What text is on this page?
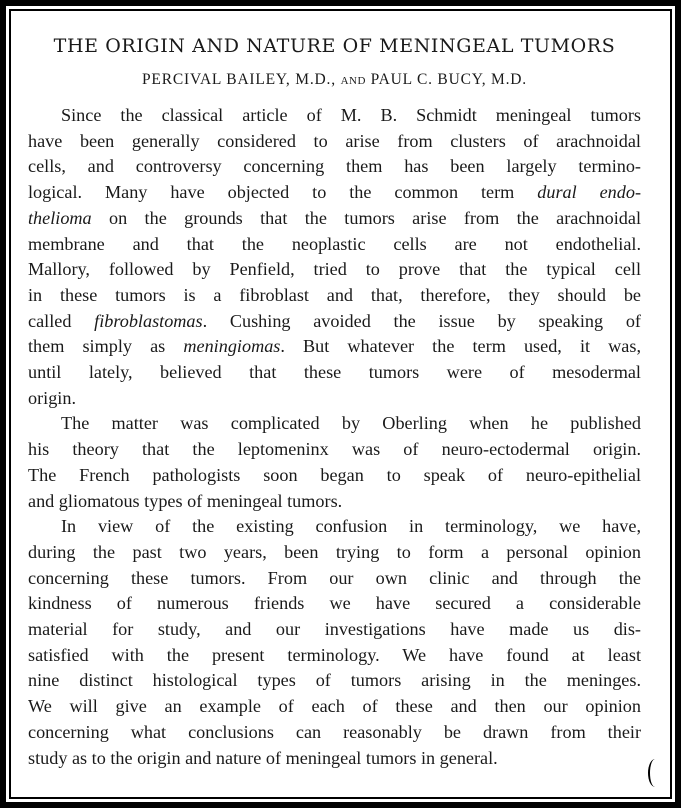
THE ORIGIN AND NATURE OF MENINGEAL TUMORS
PERCIVAL BAILEY, M.D., AND PAUL C. BUCY, M.D.

Since the classical article of M. B. Schmidt meningeal tumors
have been generally considered to arise from clusters of arachnoidal
cells, and controversy concerning them has been largely termino-
logical. Many have objected to the common term dural endo-
thelioma on the grounds that the tumors arise from the arachnoidal
membrane and that the neoplastic cells are not endothelial.
Mallory, followed by Penfield, tried to prove that the typical cell
in these tumors is a fibroblast and that, therefore, they should be
called fibroblastomas. Cushing avoided the issue by speaking of
them simply as meningiomas. But whatever the term used, it was,
until lately, believed that these tumors were of mesodermal
origin.

The matter was complicated by Oberling when he published
his theory that the leptomeninx was of neuro-ectodermal origin.
The French pathologists soon began to speak of neuro-epithelial
and gliomatous types of meningeal tumors.

In view of the existing confusion in terminology, we have,
during the past two years, been trying to form a personal opinion
concerning these tumors. From our own clinic and through the
kindness of numerous friends we have secured a considerable
material for study, and our investigations have made us dis-
satisfied with the present terminology. We have found at least
nine distinct histological types of tumors arising in the meninges.
We will give an example of each of these and then our opinion
concerning what conclusions can reasonably be drawn from their
study as to the origin and nature of meningeal tumors in general.
